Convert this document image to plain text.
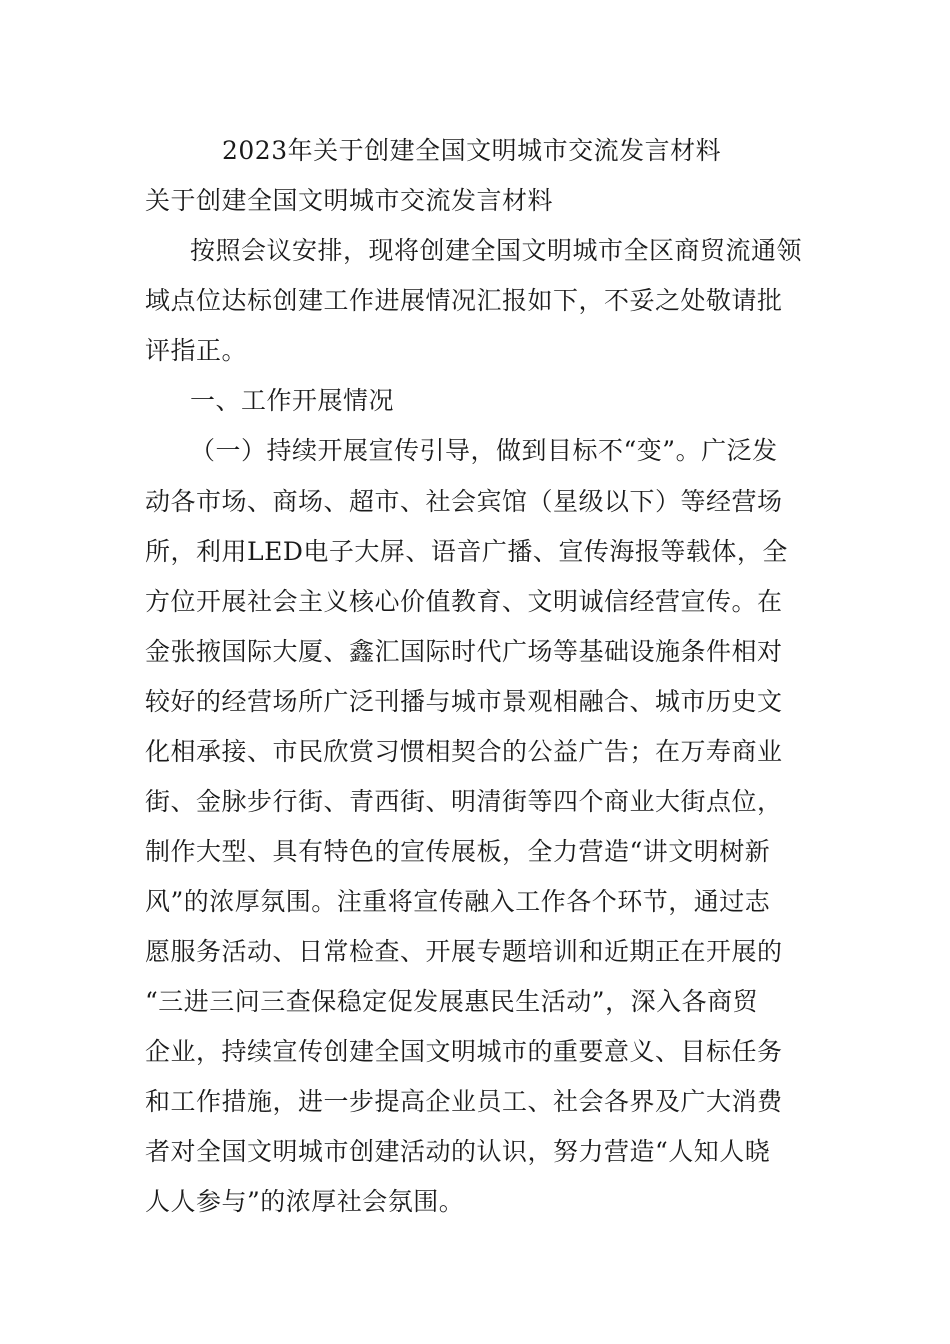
2023年关于创建全国文明城市交流发言材料
关于创建全国文明城市交流发言材料
按照会议安排，现将创建全国文明城市全区商贸流通领
域点位达标创建工作进展情况汇报如下，不妥之处敬请批
评指正。
一、工作开展情况
（一）持续开展宣传引导，做到目标不“变”。广泛发
动各市场、商场、超市、社会宾馆（星级以下）等经营场
所，利用LED电子大屏、语音广播、宣传海报等载体，全
方位开展社会主义核心价值教育、文明诚信经营宣传。在
金张掖国际大厦、鑫汇国际时代广场等基础设施条件相对
较好的经营场所广泛刊播与城市景观相融合、城市历史文
化相承接、市民欣赏习惯相契合的公益广告；在万寿商业
街、金脉步行街、青西街、明清街等四个商业大街点位，
制作大型、具有特色的宣传展板，全力营造“讲文明树新
风”的浓厚氛围。注重将宣传融入工作各个环节，通过志
愿服务活动、日常检查、开展专题培训和近期正在开展的
“三进三问三查保稳定促发展惠民生活动”，深入各商贸
企业，持续宣传创建全国文明城市的重要意义、目标任务
和工作措施，进一步提高企业员工、社会各界及广大消费
者对全国文明城市创建活动的认识，努力营造“人知人晓
人人参与”的浓厚社会氛围。
